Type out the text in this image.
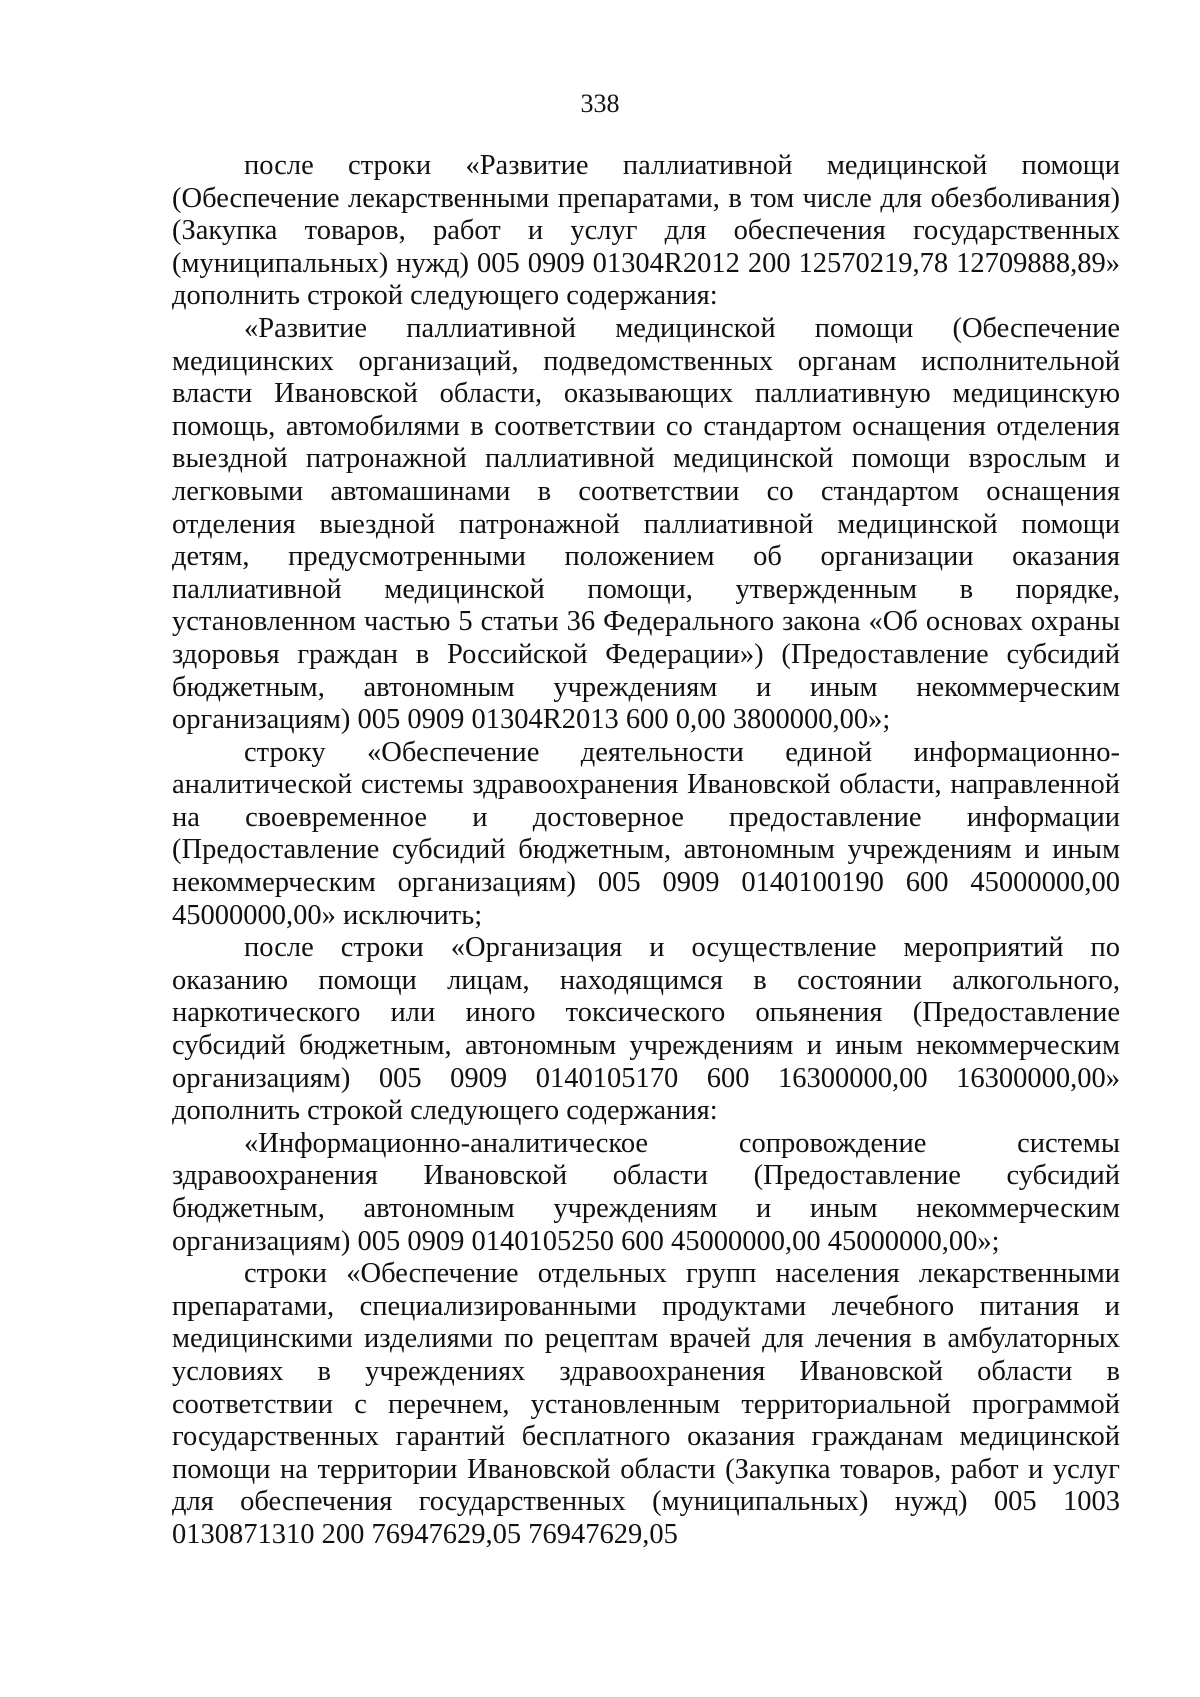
338

после строки «Развитие паллиативной медицинской помощи (Обеспечение лекарственными препаратами, в том числе для обезболивания) (Закупка товаров, работ и услуг для обеспечения государственных (муниципальных) нужд) 005 0909 01304R2012 200 12570219,78 12709888,89» дополнить строкой следующего содержания:

«Развитие паллиативной медицинской помощи (Обеспечение медицинских организаций, подведомственных органам исполнительной власти Ивановской области, оказывающих паллиативную медицинскую помощь, автомобилями в соответствии со стандартом оснащения отделения выездной патронажной паллиативной медицинской помощи взрослым и легковыми автомашинами в соответствии со стандартом оснащения отделения выездной патронажной паллиативной медицинской помощи детям, предусмотренными положением об организации оказания паллиативной медицинской помощи, утвержденным в порядке, установленном частью 5 статьи 36 Федерального закона «Об основах охраны здоровья граждан в Российской Федерации») (Предоставление субсидий бюджетным, автономным учреждениям и иным некоммерческим организациям) 005 0909 01304R2013 600 0,00 3800000,00»;

строку «Обеспечение деятельности единой информационно-аналитической системы здравоохранения Ивановской области, направленной на своевременное и достоверное предоставление информации (Предоставление субсидий бюджетным, автономным учреждениям и иным некоммерческим организациям) 005 0909 0140100190 600 45000000,00 45000000,00» исключить;

после строки «Организация и осуществление мероприятий по оказанию помощи лицам, находящимся в состоянии алкогольного, наркотического или иного токсического опьянения (Предоставление субсидий бюджетным, автономным учреждениям и иным некоммерческим организациям) 005 0909 0140105170 600 16300000,00 16300000,00» дополнить строкой следующего содержания:

«Информационно-аналитическое сопровождение системы здравоохранения Ивановской области (Предоставление субсидий бюджетным, автономным учреждениям и иным некоммерческим организациям) 005 0909 0140105250 600 45000000,00 45000000,00»;

строки «Обеспечение отдельных групп населения лекарственными препаратами, специализированными продуктами лечебного питания и медицинскими изделиями по рецептам врачей для лечения в амбулаторных условиях в учреждениях здравоохранения Ивановской области в соответствии с перечнем, установленным территориальной программой государственных гарантий бесплатного оказания гражданам медицинской помощи на территории Ивановской области (Закупка товаров, работ и услуг для обеспечения государственных (муниципальных) нужд) 005 1003 0130871310 200 76947629,05 76947629,05
